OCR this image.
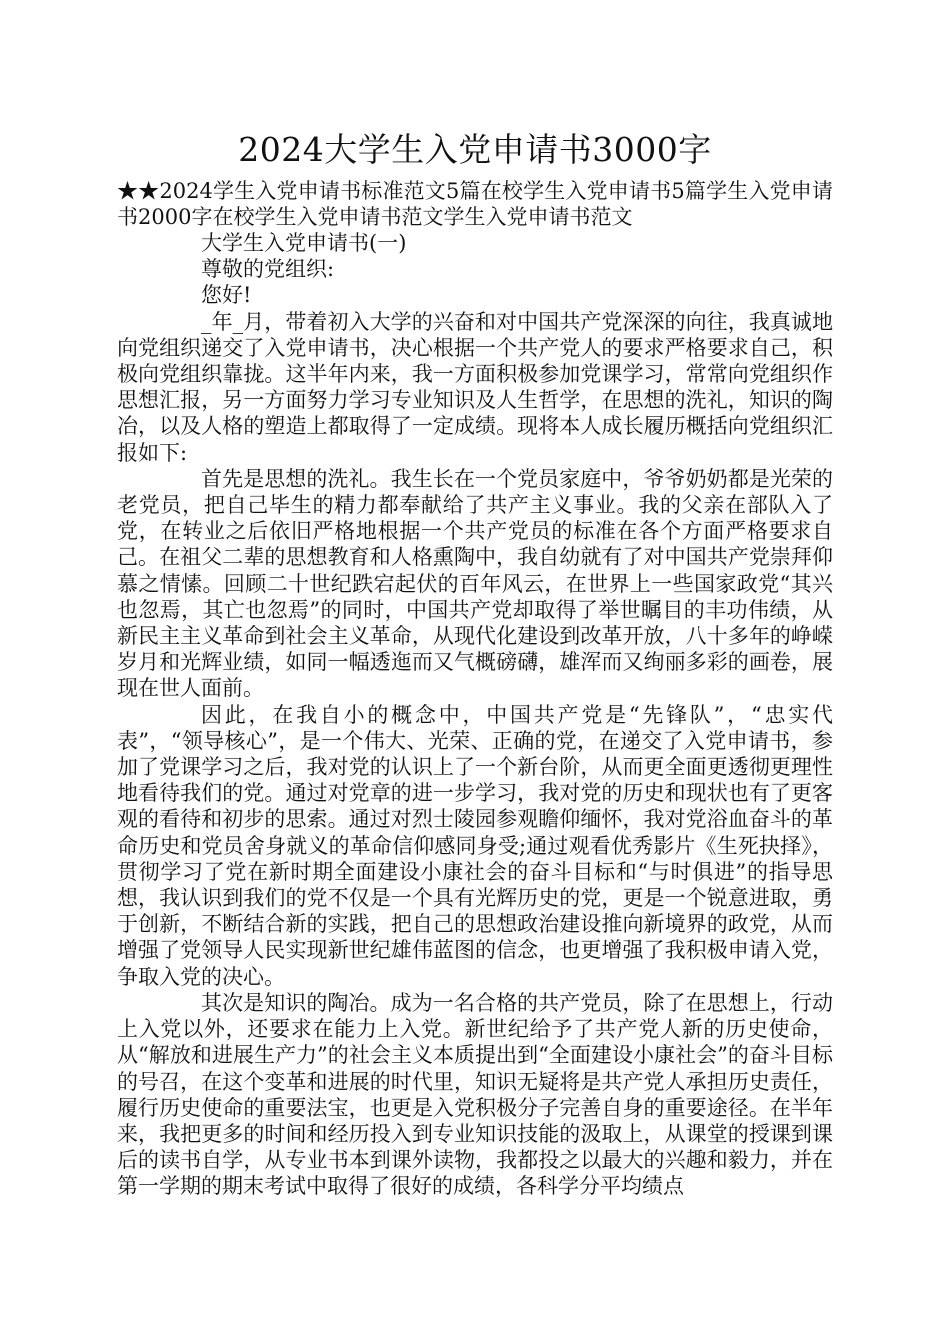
2024大学生入党申请书3000字

★★2024学生入党申请书标准范文5篇在校学生入党申请书5篇学生入党申请书2000字在校学生入党申请书范文学生入党申请书范文

大学生入党申请书(一)

尊敬的党组织:

您好!

_年_月，带着初入大学的兴奋和对中国共产党深深的向往，我真诚地向党组织递交了入党申请书，决心根据一个共产党人的要求严格要求自己，积极向党组织靠拢。这半年内来，我一方面积极参加党课学习，常常向党组织作思想汇报，另一方面努力学习专业知识及人生哲学，在思想的洗礼，知识的陶冶，以及人格的塑造上都取得了一定成绩。现将本人成长履历概括向党组织汇报如下:

首先是思想的洗礼。我生长在一个党员家庭中，爷爷奶奶都是光荣的老党员，把自己毕生的精力都奉献给了共产主义事业。我的父亲在部队入了党，在转业之后依旧严格地根据一个共产党员的标准在各个方面严格要求自己。在祖父二辈的思想教育和人格熏陶中，我自幼就有了对中国共产党崇拜仰慕之情愫。回顾二十世纪跌宕起伏的百年风云，在世界上一些国家政党“其兴也忽焉，其亡也忽焉”的同时，中国共产党却取得了举世瞩目的丰功伟绩，从新民主主义革命到社会主义革命，从现代化建设到改革开放，八十多年的峥嵘岁月和光辉业绩，如同一幅透迤而又气概磅礴，雄浑而又绚丽多彩的画卷，展现在世人面前。

因此，在我自小的概念中，中国共产党是“先锋队”，“忠实代表”，“领导核心”，是一个伟大、光荣、正确的党，在递交了入党申请书，参加了党课学习之后，我对党的认识上了一个新台阶，从而更全面更透彻更理性地看待我们的党。通过对党章的进一步学习，我对党的历史和现状也有了更客观的看待和初步的思索。通过对烈士陵园参观瞻仰缅怀，我对党浴血奋斗的革命历史和党员舍身就义的革命信仰感同身受;通过观看优秀影片《生死抉择》，贯彻学习了党在新时期全面建设小康社会的奋斗目标和“与时俱进”的指导思想，我认识到我们的党不仅是一个具有光辉历史的党，更是一个锐意进取，勇于创新，不断结合新的实践，把自己的思想政治建设推向新境界的政党，从而增强了党领导人民实现新世纪雄伟蓝图的信念，也更增强了我积极申请入党，争取入党的决心。

其次是知识的陶冶。成为一名合格的共产党员，除了在思想上，行动上入党以外，还要求在能力上入党。新世纪给予了共产党人新的历史使命，从“解放和进展生产力”的社会主义本质提出到“全面建设小康社会”的奋斗目标的号召，在这个变革和进展的时代里，知识无疑将是共产党人承担历史责任，履行历史使命的重要法宝，也更是入党积极分子完善自身的重要途径。在半年来，我把更多的时间和经历投入到专业知识技能的汲取上，从课堂的授课到课后的读书自学，从专业书本到课外读物，我都投之以最大的兴趣和毅力，并在第一学期的期末考试中取得了很好的成绩，各科学分平均绩点
